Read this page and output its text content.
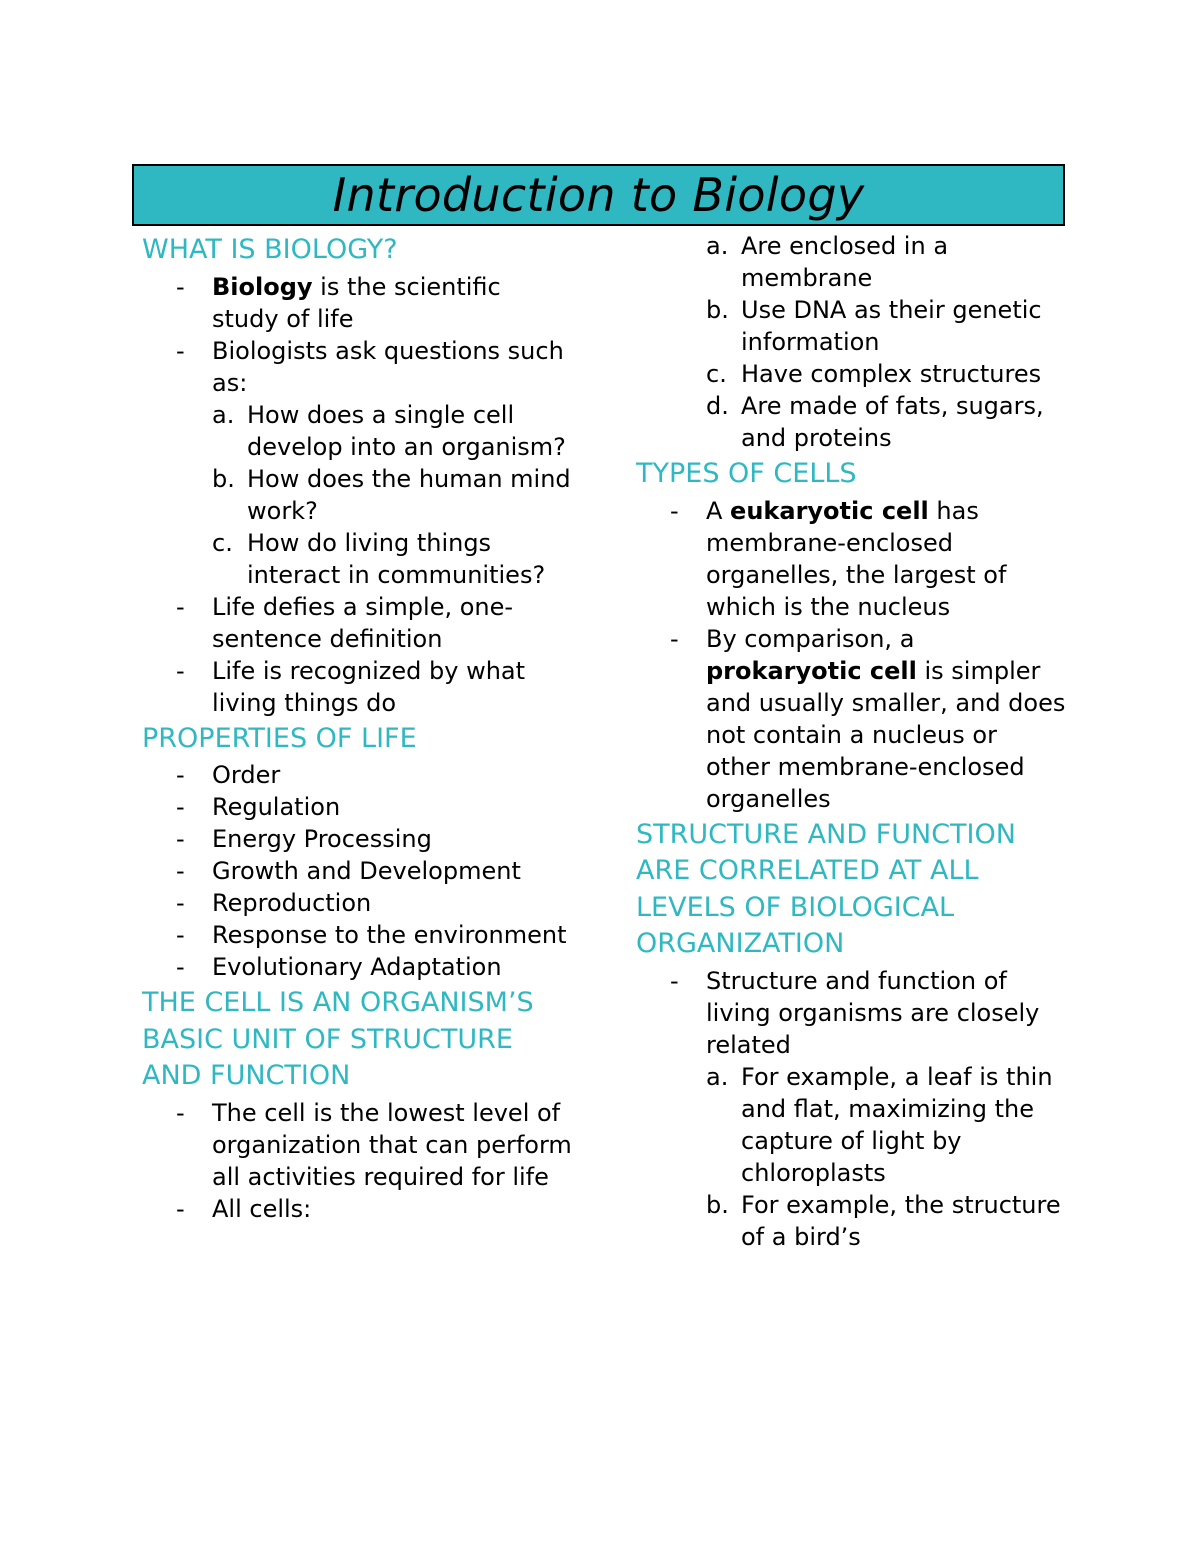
Introduction to Biology
WHAT IS BIOLOGY?
- Biology is the scientific study of life
- Biologists ask questions such as:
a. How does a single cell develop into an organism?
b. How does the human mind work?
c. How do living things interact in communities?
- Life defies a simple, one-sentence definition
- Life is recognized by what living things do
PROPERTIES OF LIFE
- Order
- Regulation
- Energy Processing
- Growth and Development
- Reproduction
- Response to the environment
- Evolutionary Adaptation
THE CELL IS AN ORGANISM’S BASIC UNIT OF STRUCTURE AND FUNCTION
- The cell is the lowest level of organization that can perform all activities required for life
- All cells:
a. Are enclosed in a membrane
b. Use DNA as their genetic information
c. Have complex structures
d. Are made of fats, sugars, and proteins
TYPES OF CELLS
- A eukaryotic cell has membrane-enclosed organelles, the largest of which is the nucleus
- By comparison, a prokaryotic cell is simpler and usually smaller, and does not contain a nucleus or other membrane-enclosed organelles
STRUCTURE AND FUNCTION ARE CORRELATED AT ALL LEVELS OF BIOLOGICAL ORGANIZATION
- Structure and function of living organisms are closely related
a. For example, a leaf is thin and flat, maximizing the capture of light by chloroplasts
b. For example, the structure of a bird’s
